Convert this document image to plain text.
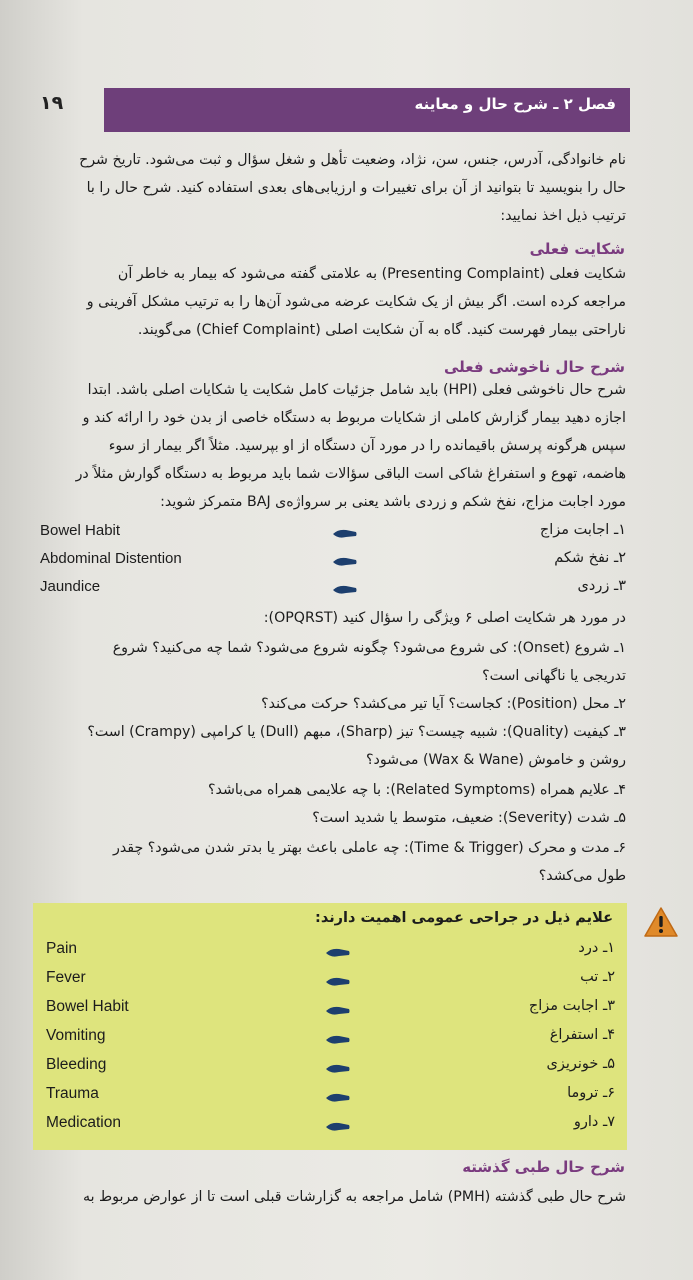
۱۹	فصل ۲ ـ شرح حال و معاینه
نام خانوادگی، آدرس، جنس، سن، نژاد، وضعیت تأهل و شغل سؤال و ثبت می‌شود. تاریخ شرح
حال را بنویسید تا بتوانید از آن برای تغییرات و ارزیابی‌های بعدی استفاده کنید. شرح حال را با
ترتیب ذیل اخذ نمایید:
شکایت فعلی
شکایت فعلی (Presenting Complaint) به علامتی گفته می‌شود که بیمار به خاطر آن
مراجعه کرده است. اگر بیش از یک شکایت عرضه می‌شود آن‌ها را به ترتیب مشکل آفرینی و
ناراحتی بیمار فهرست کنید. گاه به آن شکایت اصلی (Chief Complaint) می‌گویند.
شرح حال ناخوشی فعلی
شرح حال ناخوشی فعلی (HPI) باید شامل جزئیات کامل شکایت یا شکایات اصلی باشد. ابتدا
اجازه دهید بیمار گزارش کاملی از شکایات مربوط به دستگاه خاصی از بدن خود را ارائه کند و
سپس هرگونه پرسش باقیمانده را در مورد آن دستگاه از او بپرسید. مثلاً اگر بیمار از سوء
هاضمه، تهوع و استفراغ شاکی است الباقی سؤالات شما باید مربوط به دستگاه گوارش مثلاً در
مورد اجابت مزاج، نفخ شکم و زردی باشد یعنی بر سرواژه‌ی BAJ متمرکز شوید:
Bowel Habit	۱ـ اجابت مزاج
Abdominal Distention	۲ـ نفخ شکم
Jaundice	۳ـ زردی
در مورد هر شکایت اصلی ۶ ویژگی را سؤال کنید (OPQRST):
۱ـ شروع (Onset): کی شروع می‌شود؟ چگونه شروع می‌شود؟ شما چه می‌کنید؟ شروع
تدریجی یا ناگهانی است؟
۲ـ محل (Position): کجاست؟ آیا تیر می‌کشد؟ حرکت می‌کند؟
۳ـ کیفیت (Quality): شبیه چیست؟ تیز (Sharp)، مبهم (Dull) یا کرامپی (Crampy) است؟
روشن و خاموش (Wax & Wane) می‌شود؟
۴ـ علایم همراه (Related Symptoms): با چه علایمی همراه می‌باشد؟
۵ـ شدت (Severity): ضعیف، متوسط یا شدید است؟
۶ـ مدت و محرک (Time & Trigger): چه عاملی باعث بهتر یا بدتر شدن می‌شود؟ چقدر
طول می‌کشد؟
علایم ذیل در جراحی عمومی اهمیت دارند:
Pain	۱ـ درد
Fever	۲ـ تب
Bowel Habit	۳ـ اجابت مزاج
Vomiting	۴ـ استفراغ
Bleeding	۵ـ خونریزی
Trauma	۶ـ تروما
Medication	۷ـ دارو
شرح حال طبی گذشته
شرح حال طبی گذشته (PMH) شامل مراجعه به گزارشات قبلی است تا از عوارض مربوط به
